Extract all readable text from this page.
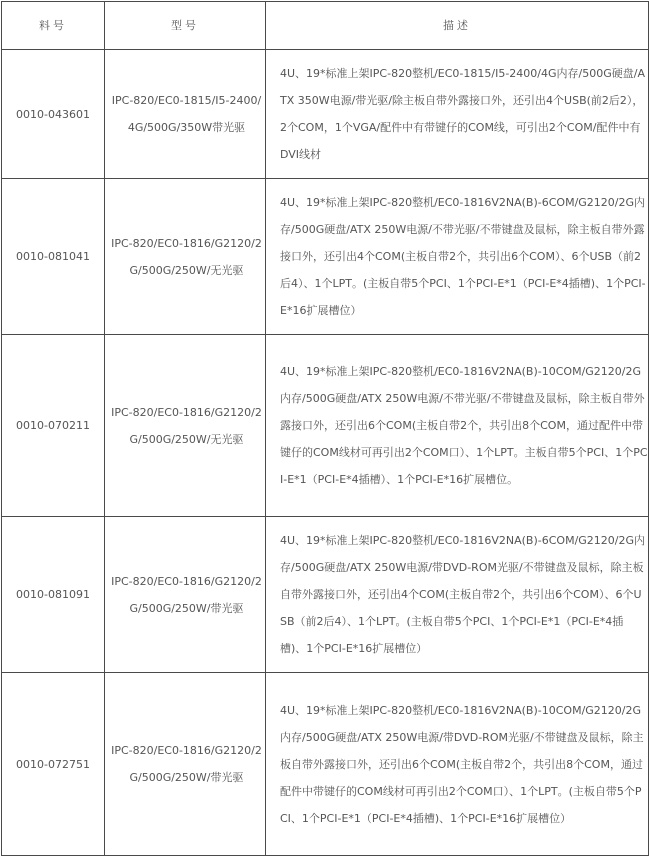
料号	型号	描述
0010-043601	IPC-820/EC0-1815/I5-2400/4G/500G/350W带光驱	4U、19*标准上架IPC-820整机/EC0-1815/I5-2400/4G内存/500G硬盘/ATX 350W电源/带光驱/除主板自带外露接口外，还引出4个USB(前2后2），2个COM，1个VGA/配件中有带键仔的COM线，可引出2个COM/配件中有DVI线材
0010-081041	IPC-820/EC0-1816/G2120/2G/500G/250W/无光驱	4U、19*标准上架IPC-820整机/EC0-1816V2NA(B)-6COM/G2120/2G内存/500G硬盘/ATX 250W电源/不带光驱/不带键盘及鼠标，除主板自带外露接口外，还引出4个COM(主板自带2个，共引出6个COM）、6个USB（前2后4）、1个LPT。(主板自带5个PCI、1个PCI-E*1（PCI-E*4插槽)、1个PCI-E*16扩展槽位）
0010-070211	IPC-820/EC0-1816/G2120/2G/500G/250W/无光驱	4U、19*标准上架IPC-820整机/EC0-1816V2NA(B)-10COM/G2120/2G内存/500G硬盘/ATX 250W电源/不带光驱/不带键盘及鼠标，除主板自带外露接口外，还引出6个COM(主板自带2个，共引出8个COM，通过配件中带键仔的COM线材可再引出2个COM口）、1个LPT。主板自带5个PCI、1个PCI-E*1（PCI-E*4插槽）、1个PCI-E*16扩展槽位。
0010-081091	IPC-820/EC0-1816/G2120/2G/500G/250W/带光驱	4U、19*标准上架IPC-820整机/EC0-1816V2NA(B)-6COM/G2120/2G内存/500G硬盘/ATX 250W电源/带DVD-ROM光驱/不带键盘及鼠标，除主板自带外露接口外，还引出4个COM(主板自带2个，共引出6个COM）、6个USB（前2后4）、1个LPT。(主板自带5个PCI、1个PCI-E*1（PCI-E*4插槽)、1个PCI-E*16扩展槽位）
0010-072751	IPC-820/EC0-1816/G2120/2G/500G/250W/带光驱	4U、19*标准上架IPC-820整机/EC0-1816V2NA(B)-10COM/G2120/2G内存/500G硬盘/ATX 250W电源/带DVD-ROM光驱/不带键盘及鼠标，除主板自带外露接口外，还引出6个COM(主板自带2个，共引出8个COM，通过配件中带键仔的COM线材可再引出2个COM口）、1个LPT。(主板自带5个PCI、1个PCI-E*1（PCI-E*4插槽)、1个PCI-E*16扩展槽位）
